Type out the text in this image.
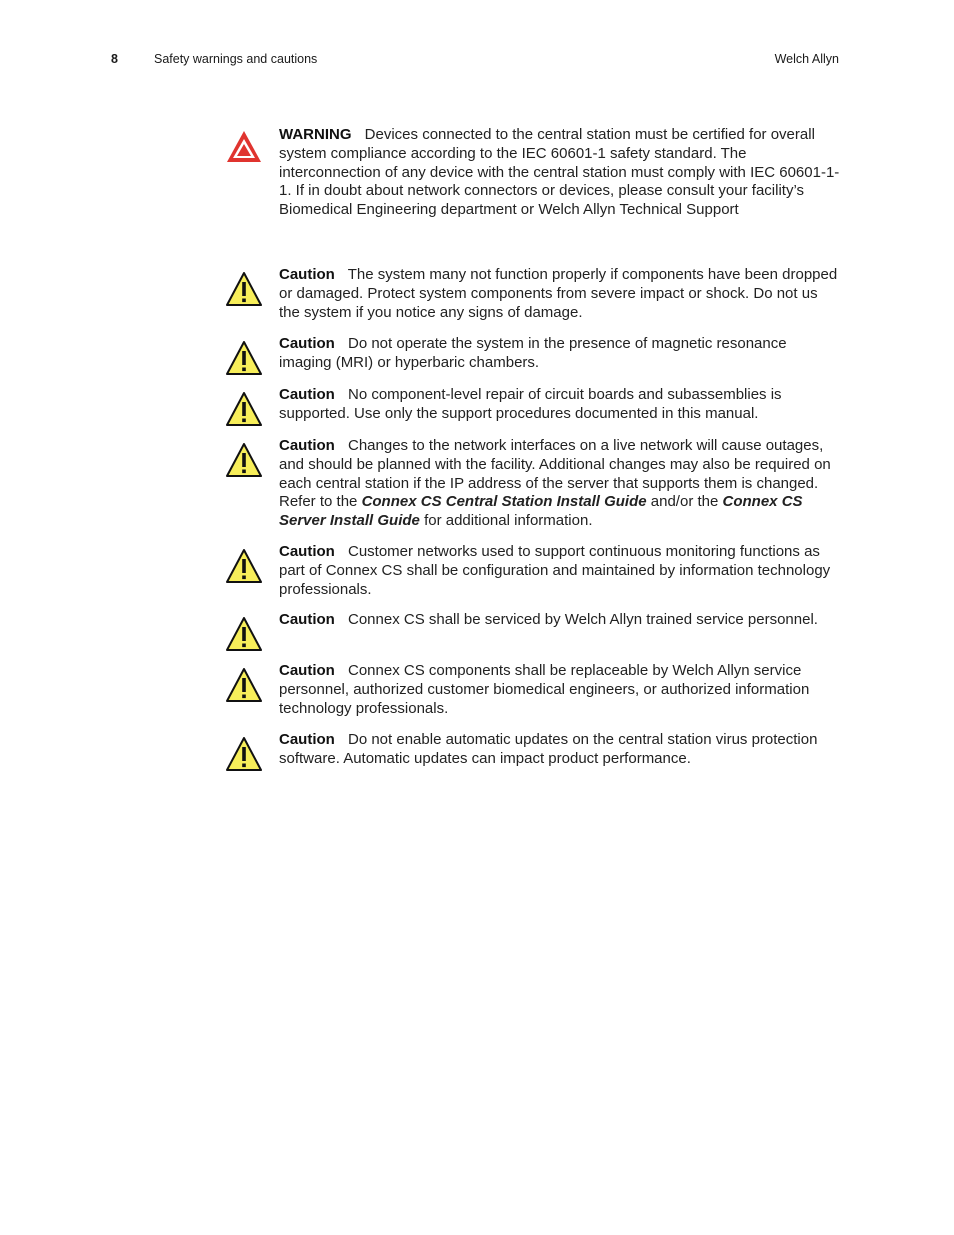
8	Safety warnings and cautions	Welch Allyn
WARNING Devices connected to the central station must be certified for overall system compliance according to the IEC 60601-1 safety standard. The interconnection of any device with the central station must comply with IEC 60601-1-1. If in doubt about network connectors or devices, please consult your facility’s Biomedical Engineering department or Welch Allyn Technical Support
Caution The system many not function properly if components have been dropped or damaged. Protect system components from severe impact or shock. Do not us the system if you notice any signs of damage.
Caution Do not operate the system in the presence of magnetic resonance imaging (MRI) or hyperbaric chambers.
Caution No component-level repair of circuit boards and subassemblies is supported. Use only the support procedures documented in this manual.
Caution Changes to the network interfaces on a live network will cause outages, and should be planned with the facility. Additional changes may also be required on each central station if the IP address of the server that supports them is changed. Refer to the Connex CS Central Station Install Guide and/or the Connex CS Server Install Guide for additional information.
Caution Customer networks used to support continuous monitoring functions as part of Connex CS shall be configuration and maintained by information technology professionals.
Caution Connex CS shall be serviced by Welch Allyn trained service personnel.
Caution Connex CS components shall be replaceable by Welch Allyn service personnel, authorized customer biomedical engineers, or authorized information technology professionals.
Caution Do not enable automatic updates on the central station virus protection software. Automatic updates can impact product performance.
